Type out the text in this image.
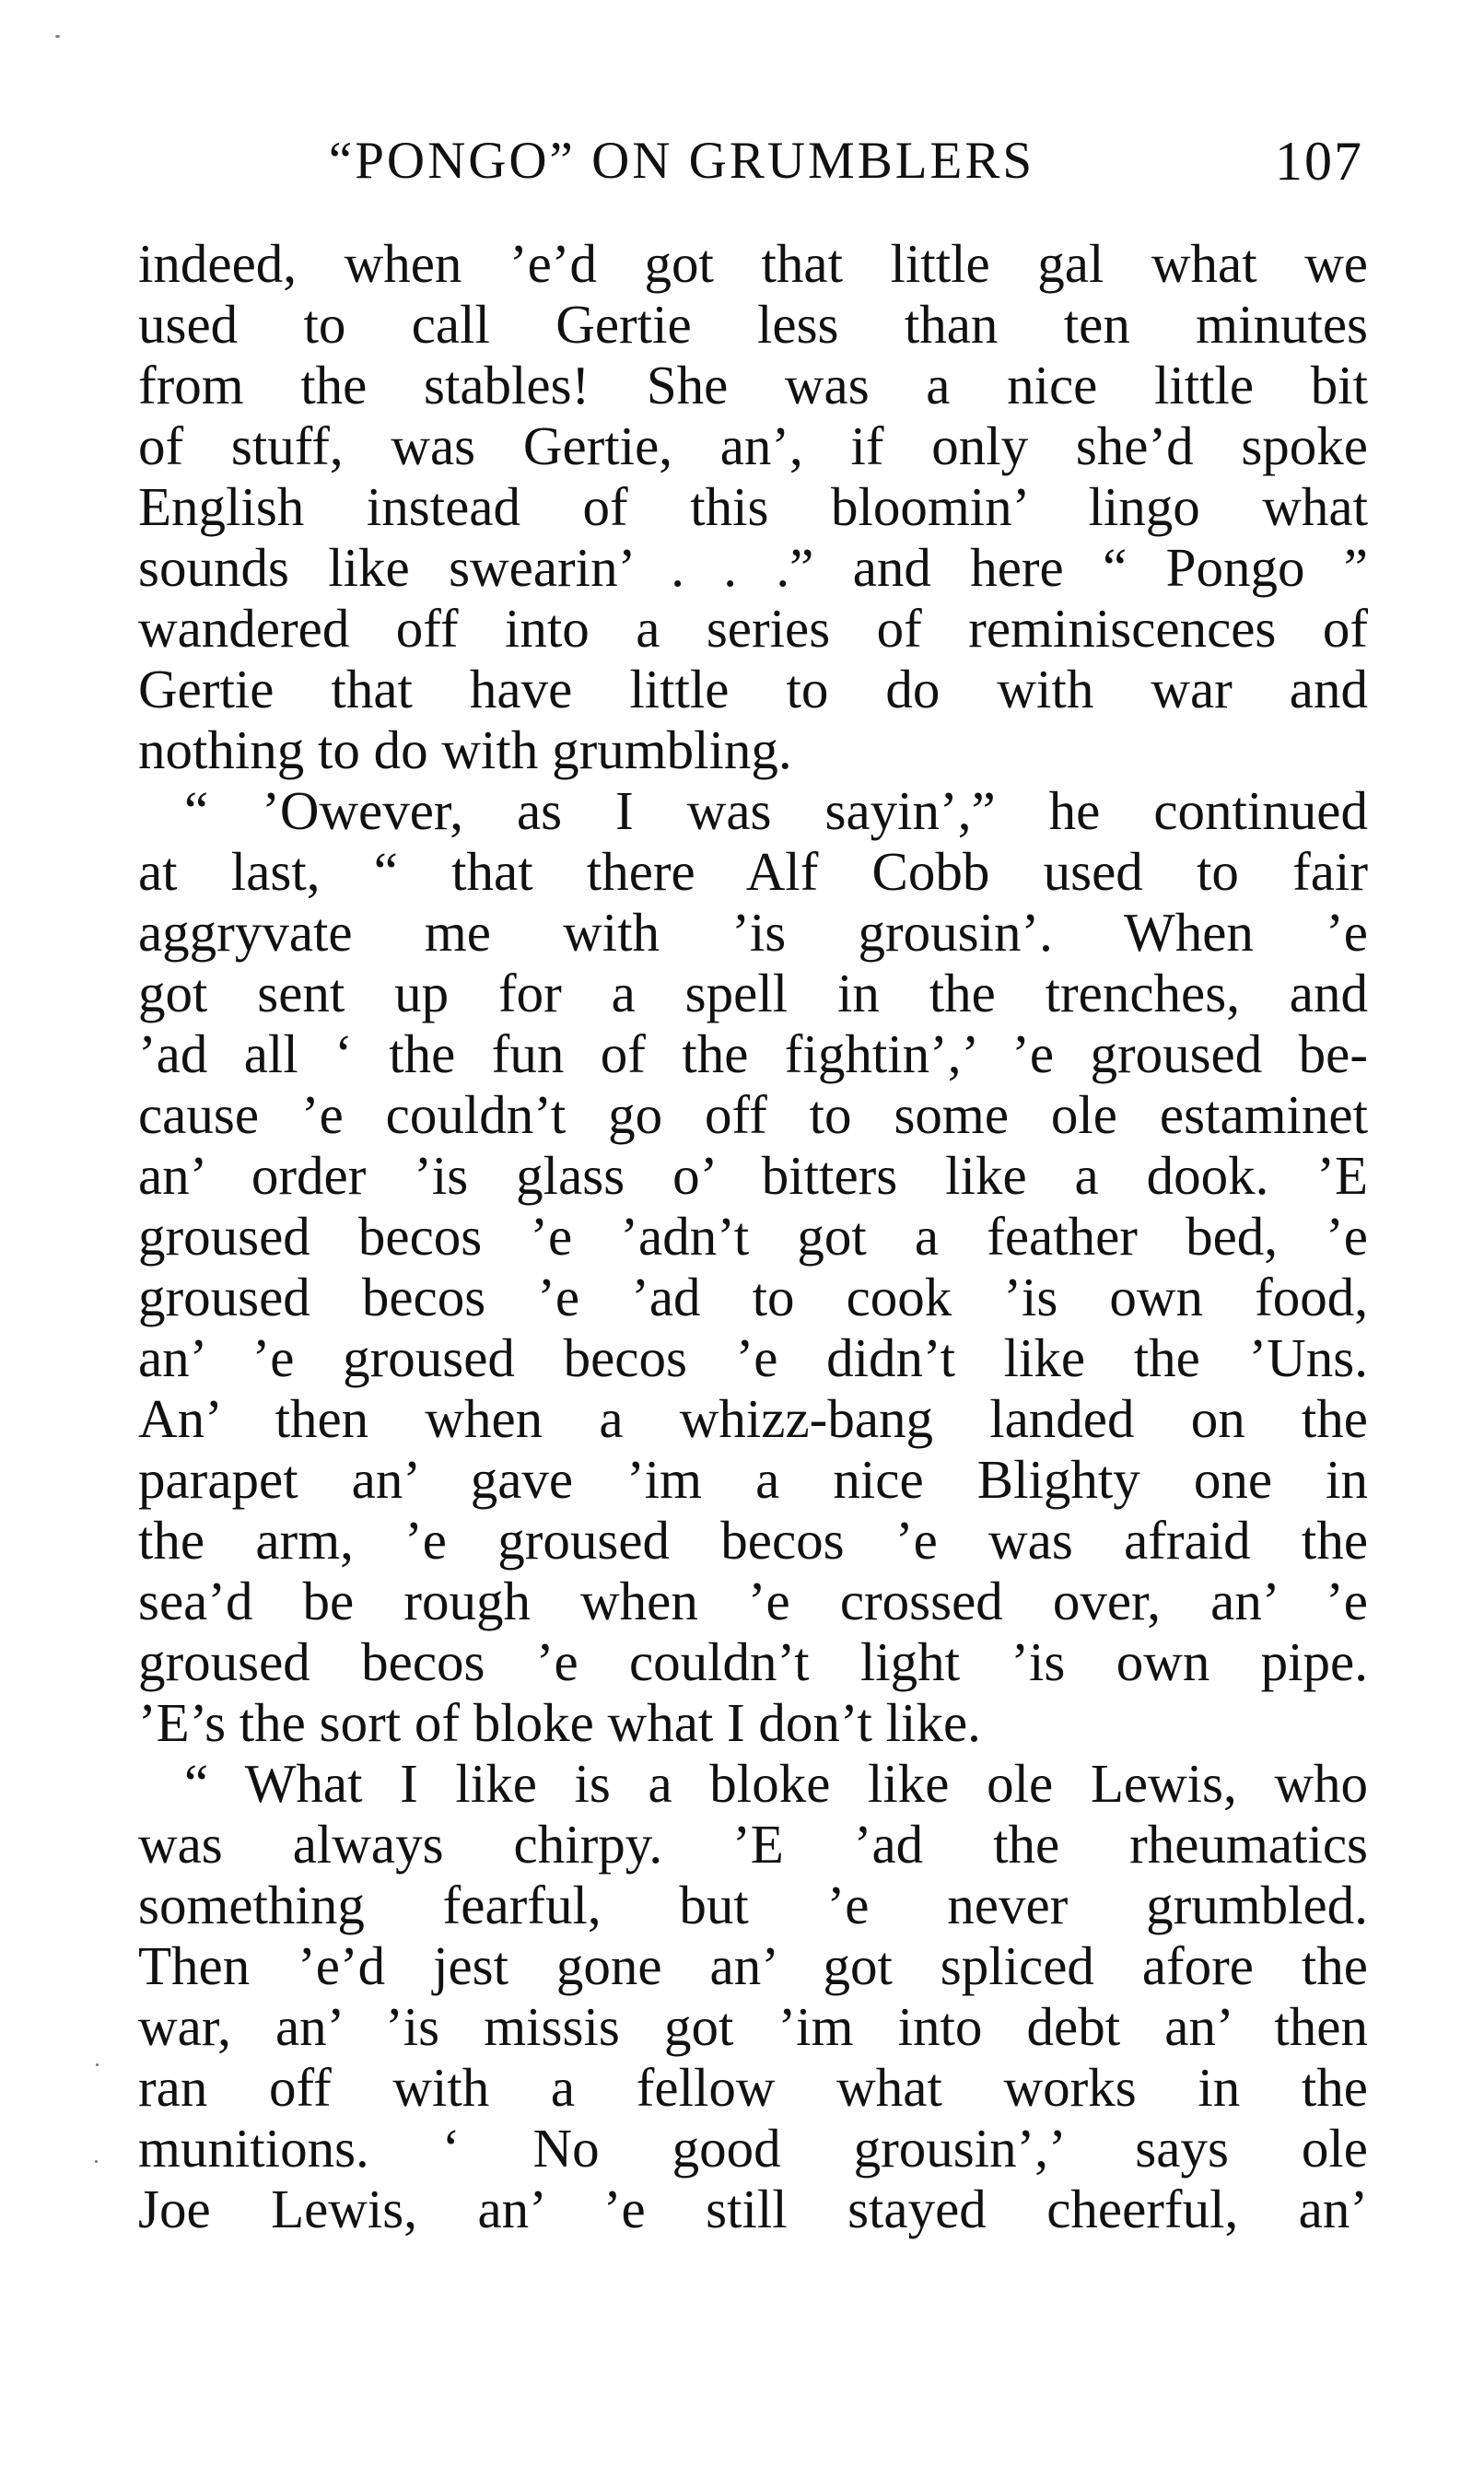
“PONGO” ON GRUMBLERS	107
indeed, when ’e’d got that little gal what we
used to call Gertie less than ten minutes
from the stables! She was a nice little bit
of stuff, was Gertie, an’, if only she’d spoke
English instead of this bloomin’ lingo what
sounds like swearin’ . . .” and here “ Pongo ”
wandered off into a series of reminiscences of
Gertie that have little to do with war and
nothing to do with grumbling.
“ ’Owever, as I was sayin’,” he continued
at last, “ that there Alf Cobb used to fair
aggryvate me with ’is grousin’. When ’e
got sent up for a spell in the trenches, and
’ad all ‘ the fun of the fightin’,’ ’e groused be-
cause ’e couldn’t go off to some ole estaminet
an’ order ’is glass o’ bitters like a dook. ’E
groused becos ’e ’adn’t got a feather bed, ’e
groused becos ’e ’ad to cook ’is own food,
an’ ’e groused becos ’e didn’t like the ’Uns.
An’ then when a whizz-bang landed on the
parapet an’ gave ’im a nice Blighty one in
the arm, ’e groused becos ’e was afraid the
sea’d be rough when ’e crossed over, an’ ’e
groused becos ’e couldn’t light ’is own pipe.
’E’s the sort of bloke what I don’t like.
“ What I like is a bloke like ole Lewis, who
was always chirpy. ’E ’ad the rheumatics
something fearful, but ’e never grumbled.
Then ’e’d jest gone an’ got spliced afore the
war, an’ ’is missis got ’im into debt an’ then
ran off with a fellow what works in the
munitions. ‘ No good grousin’,’ says ole
Joe Lewis, an’ ’e still stayed cheerful, an’
